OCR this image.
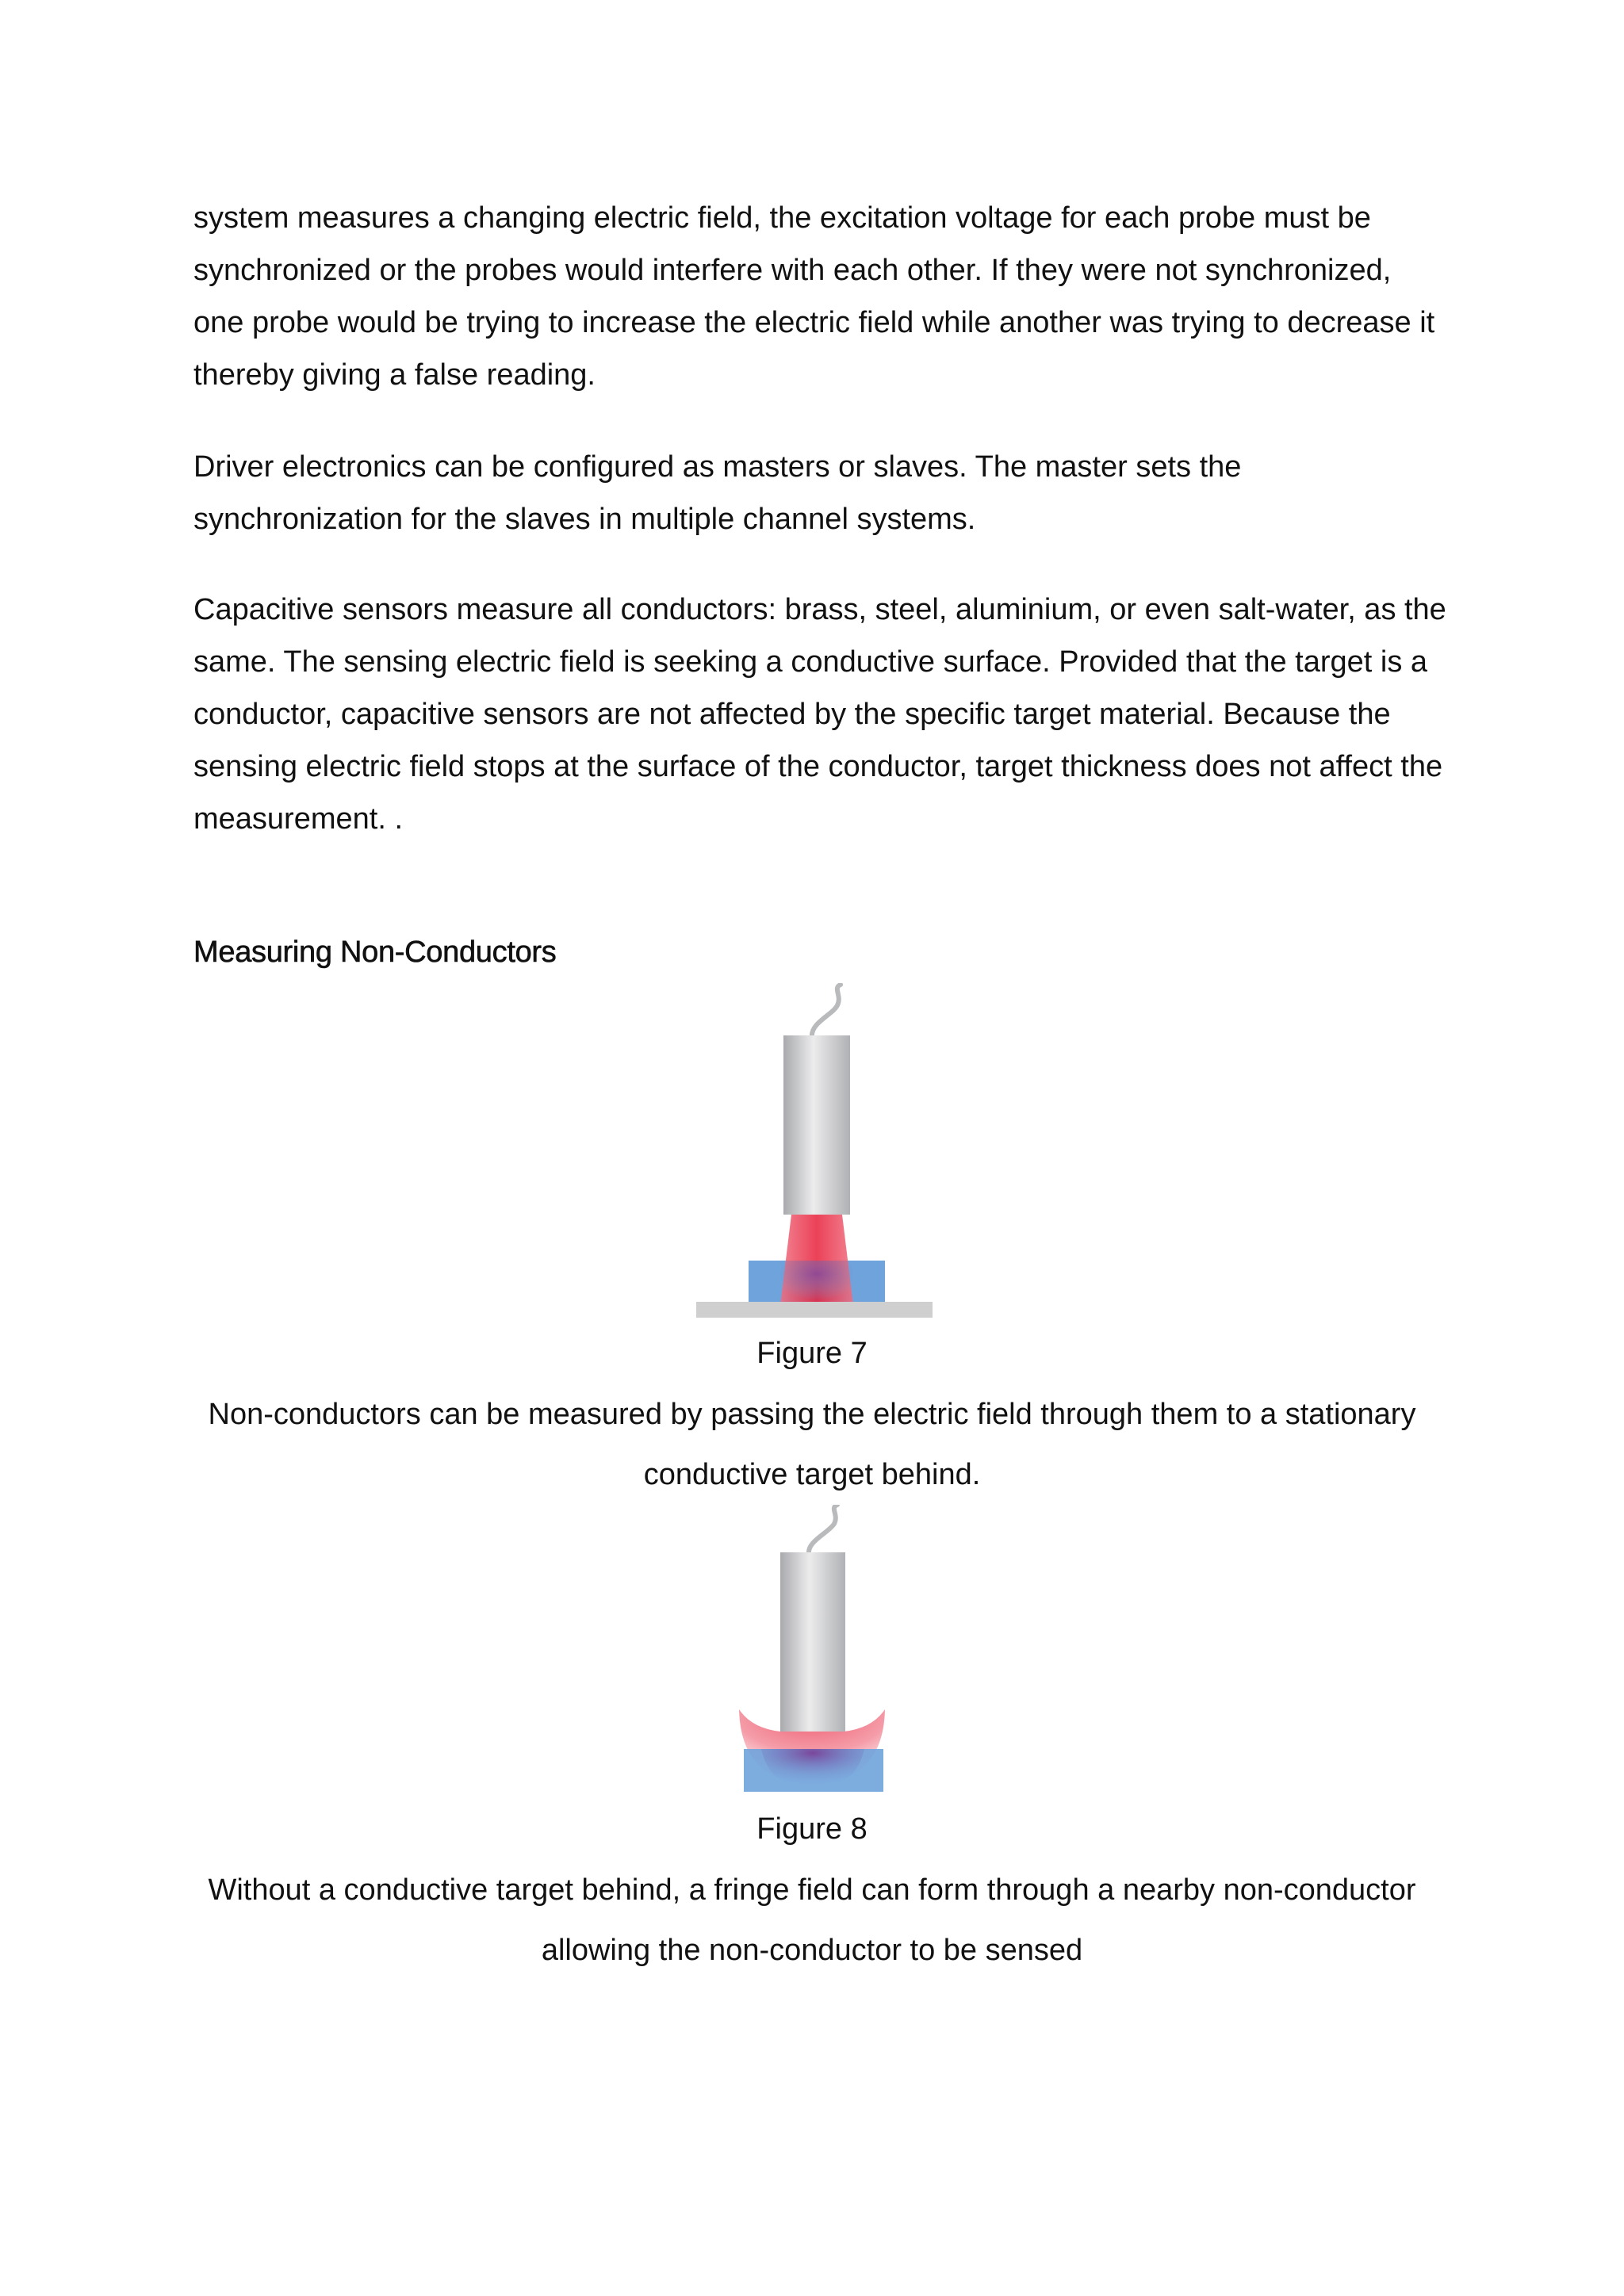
system measures a changing electric field, the excitation voltage for each probe must be synchronized or the probes would interfere with each other. If they were not synchronized, one probe would be trying to increase the electric field while another was trying to decrease it thereby giving a false reading.

Driver electronics can be configured as masters or slaves. The master sets the synchronization for the slaves in multiple channel systems.

Capacitive sensors measure all conductors: brass, steel, aluminium, or even salt-water, as the same. The sensing electric field is seeking a conductive surface. Provided that the target is a conductor, capacitive sensors are not affected by the specific target material. Because the sensing electric field stops at the surface of the conductor, target thickness does not affect the measurement. .

Measuring Non-Conductors

Figure 7

Non-conductors can be measured by passing the electric field through them to a stationary conductive target behind.

Figure 8

Without a conductive target behind, a fringe field can form through a nearby non-conductor allowing the non-conductor to be sensed
